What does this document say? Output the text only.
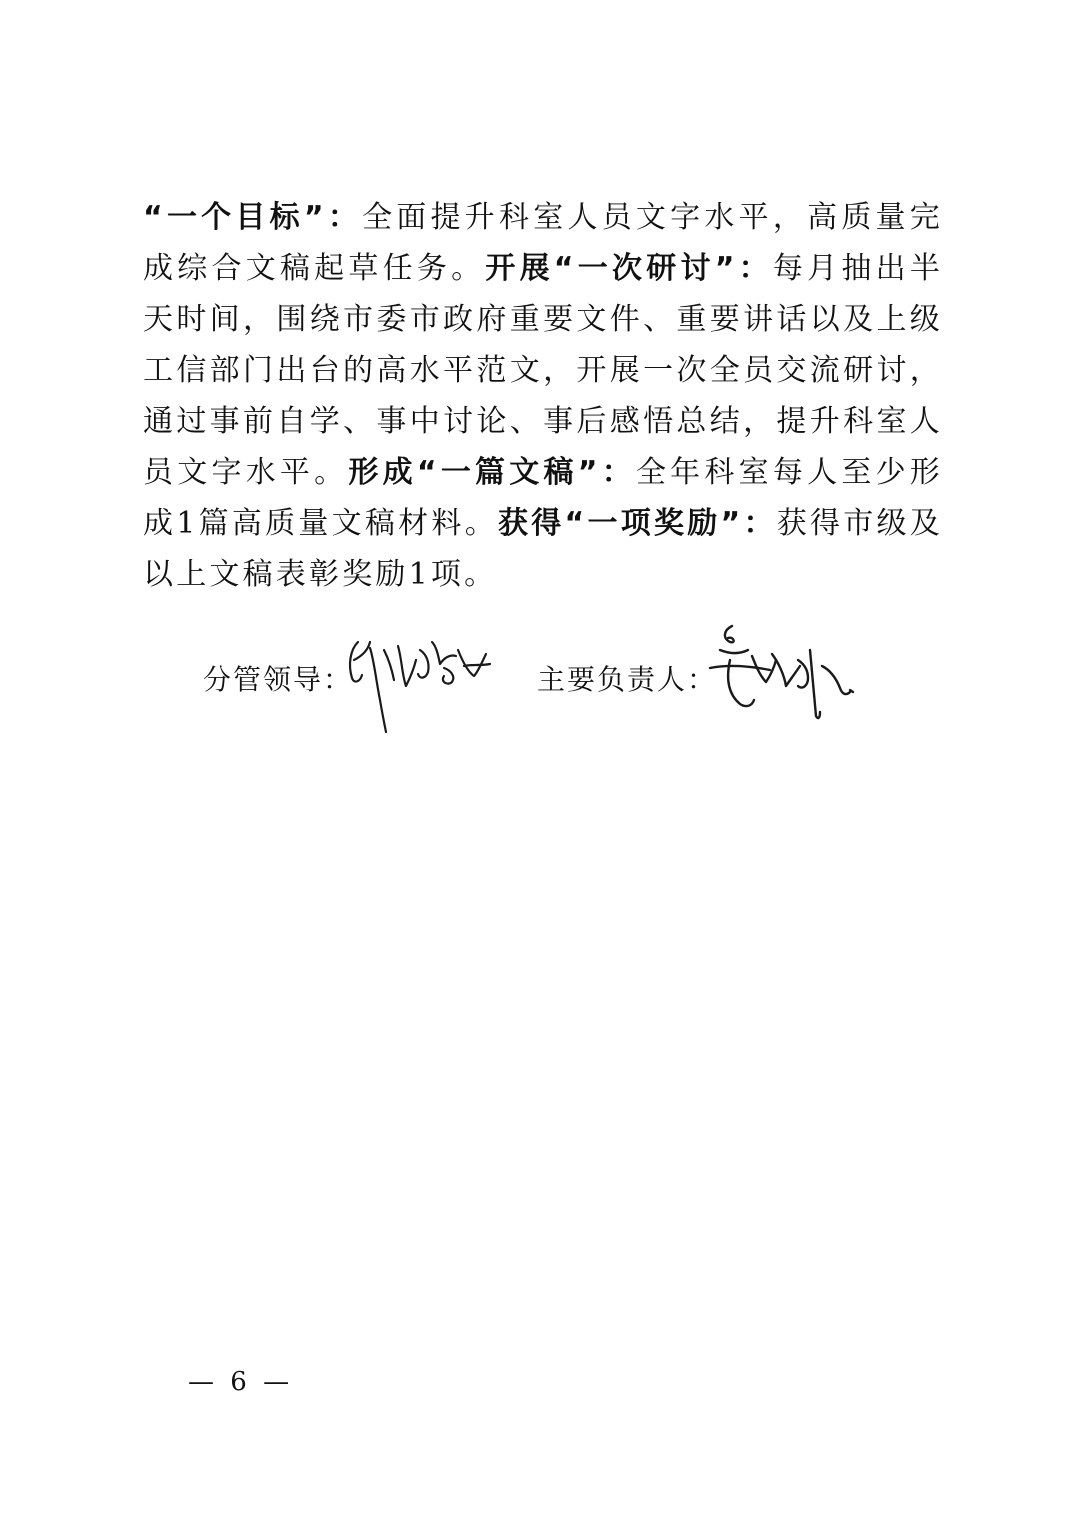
“一个目标”：全面提升科室人员文字水平，高质量完成综合文稿起草任务。开展“一次研讨”：每月抽出半天时间，围绕市委市政府重要文件、重要讲话以及上级工信部门出台的高水平范文，开展一次全员交流研讨，通过事前自学、事中讨论、事后感悟总结，提升科室人员文字水平。形成“一篇文稿”：全年科室每人至少形成1篇高质量文稿材料。获得“一项奖励”：获得市级及以上文稿表彰奖励1项。

分管领导：	主要负责人：
— 6 —
